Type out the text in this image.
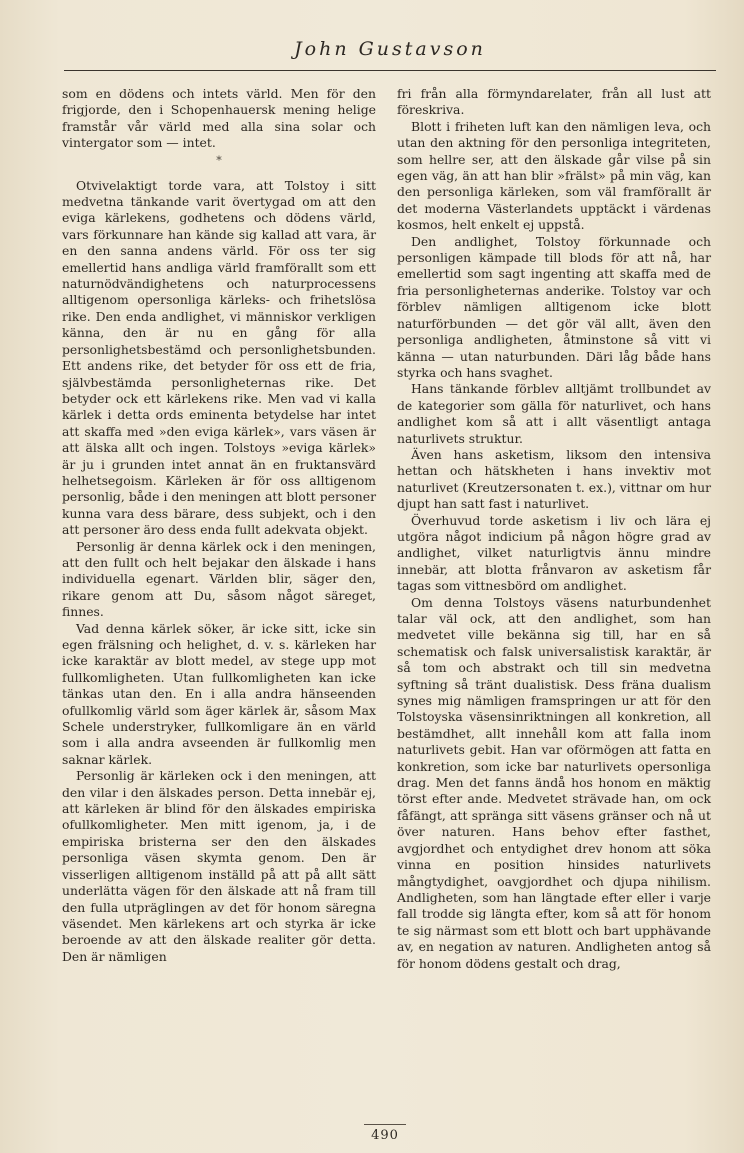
John Gustavson

som en dödens och intets värld. Men för den frigjorde, den i Schopenhauersk mening helige framstår vår värld med alla sina solar och vintergator som — intet.

*

Otvivelaktigt torde vara, att Tolstoy i sitt medvetna tänkande varit övertygad om att den eviga kärlekens, godhetens och dödens värld, vars förkunnare han kände sig kallad att vara, är en den sanna andens värld. För oss ter sig emellertid hans andliga värld framförallt som ett naturnödvändighetens och naturprocessens alltigenom opersonliga kärleks- och frihetslösa rike. Den enda andlighet, vi människor verkligen känna, den är nu en gång för alla personlighetsbestämd och personlighetsbunden. Ett andens rike, det betyder för oss ett de fria, självbestämda personligheternas rike. Det betyder ock ett kärlekens rike. Men vad vi kalla kärlek i detta ords eminenta betydelse har intet att skaffa med »den eviga kärlek», vars väsen är att älska allt och ingen. Tolstoys »eviga kärlek» är ju i grunden intet annat än en fruktansvärd helhetsegoism. Kärleken är för oss alltigenom personlig, både i den meningen att blott personer kunna vara dess bärare, dess subjekt, och i den att personer äro dess enda fullt adekvata objekt.

Personlig är denna kärlek ock i den meningen, att den fullt och helt bejakar den älskade i hans individuella egenart. Världen blir, säger den, rikare genom att Du, såsom något säreget, finnes.

Vad denna kärlek söker, är icke sitt, icke sin egen frälsning och helighet, d. v. s. kärleken har icke karaktär av blott medel, av stege upp mot fullkomligheten. Utan fullkomligheten kan icke tänkas utan den. En i alla andra hänseenden ofullkomlig värld som äger kärlek är, såsom Max Schele understryker, fullkomligare än en värld som i alla andra avseenden är fullkomlig men saknar kärlek.

Personlig är kärleken ock i den meningen, att den vilar i den älskades person. Detta innebär ej, att kärleken är blind för den älskades empiriska ofullkomligheter. Men mitt igenom, ja, i de empiriska bristerna ser den den älskades personliga väsen skymta genom. Den är visserligen alltigenom inställd på att på allt sätt underlätta vägen för den älskade att nå fram till den fulla utpräglingen av det för honom säregna väsendet. Men kärlekens art och styrka är icke beroende av att den älskade realiter gör detta. Den är nämligen

fri från alla förmyndarelater, från all lust att föreskriva.

Blott i friheten luft kan den nämligen leva, och utan den aktning för den personliga integriteten, som hellre ser, att den älskade går vilse på sin egen väg, än att han blir »frälst» på min väg, kan den personliga kärleken, som väl framförallt är det moderna Västerlandets upptäckt i värdenas kosmos, helt enkelt ej uppstå.

Den andlighet, Tolstoy förkunnade och personligen kämpade till blods för att nå, har emellertid som sagt ingenting att skaffa med de fria personligheternas anderike. Tolstoy var och förblev nämligen alltigenom icke blott naturförbunden — det gör väl allt, även den personliga andligheten, åtminstone så vitt vi känna — utan naturbunden. Däri låg både hans styrka och hans svaghet.

Hans tänkande förblev alltjämt trollbundet av de kategorier som gälla för naturlivet, och hans andlighet kom så att i allt väsentligt antaga naturlivets struktur.

Även hans asketism, liksom den intensiva hettan och hätskheten i hans invektiv mot naturlivet (Kreutzersonaten t. ex.), vittnar om hur djupt han satt fast i naturlivet.

Överhuvud torde asketism i liv och lära ej utgöra något indicium på någon högre grad av andlighet, vilket naturligtvis ännu mindre innebär, att blotta frånvaron av asketism får tagas som vittnesbörd om andlighet.

Om denna Tolstoys väsens naturbundenhet talar väl ock, att den andlighet, som han medvetet ville bekänna sig till, har en så schematisk och falsk universalistisk karaktär, är så tom och abstrakt och till sin medvetna syftning så tränt dualistisk. Dess fräna dualism synes mig nämligen framspringen ur att för den Tolstoyska väsensinriktningen all konkretion, all bestämdhet, allt innehåll kom att falla inom naturlivets gebit. Han var oförmögen att fatta en konkretion, som icke bar naturlivets opersonliga drag. Men det fanns ändå hos honom en mäktig törst efter ande. Medvetet strävade han, om ock fåfängt, att spränga sitt väsens gränser och nå ut över naturen. Hans behov efter fasthet, avgjordhet och entydighet drev honom att söka vinna en position hinsides naturlivets mångtydighet, oavgjordhet och djupa nihilism. Andligheten, som han längtade efter eller i varje fall trodde sig längta efter, kom så att för honom te sig närmast som ett blott och bart upphävande av, en negation av naturen. Andligheten antog så för honom dödens gestalt och drag,

490
